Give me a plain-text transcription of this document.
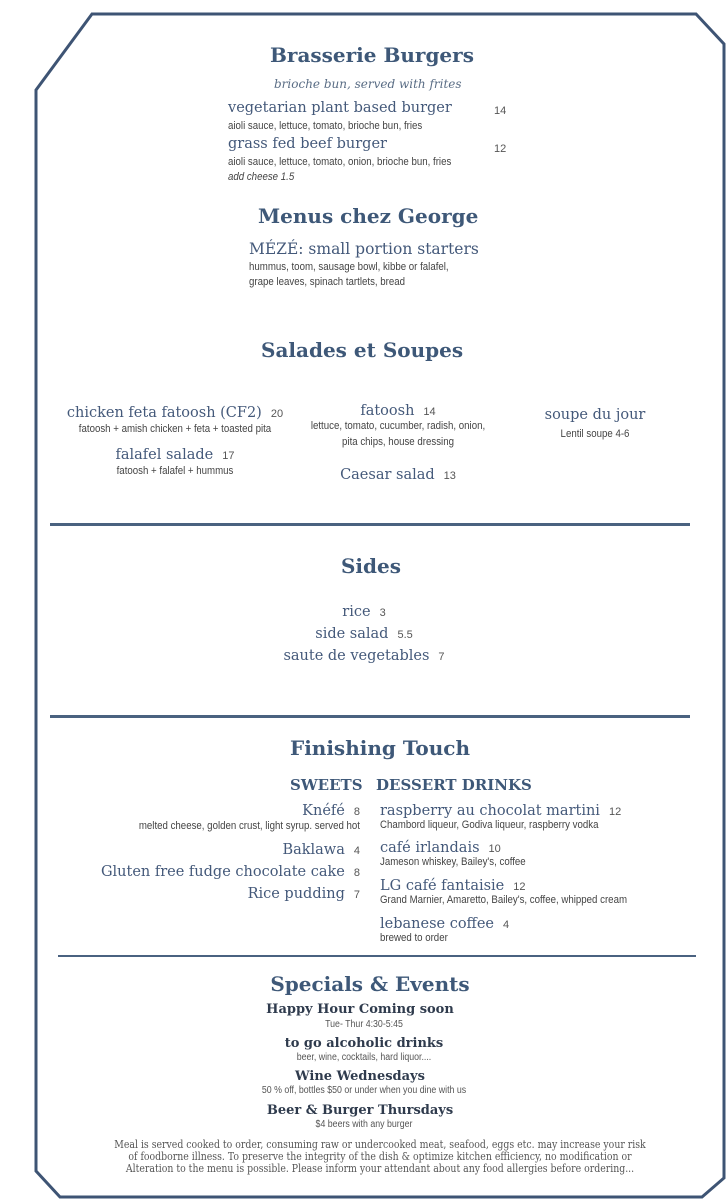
Brasserie Burgers
brioche bun, served with frites
vegetarian plant based burger	14
aioli sauce, lettuce, tomato, brioche bun, fries
grass fed beef burger	12
aioli sauce, lettuce, tomato, onion, brioche bun, fries
add cheese 1.5
Menus chez George
MÉZÉ: small portion starters
hummus, toom, sausage bowl, kibbe or falafel,
grape leaves, spinach tartlets, bread
Salades et Soupes
chicken feta fatoosh (CF2) 20
fatoosh + amish chicken + feta + toasted pita
falafel salade 17
fatoosh + falafel + hummus
fatoosh 14
lettuce, tomato, cucumber, radish, onion,
pita chips, house dressing
Caesar salad 13
soupe du jour
Lentil soupe 4-6
Sides
rice 3
side salad 5.5
saute de vegetables 7
Finishing Touch
SWEETS DESSERT DRINKS
Knéfé 8
melted cheese, golden crust, light syrup. served hot
Baklawa 4
Gluten free fudge chocolate cake 8
Rice pudding 7
raspberry au chocolat martini 12
Chambord liqueur, Godiva liqueur, raspberry vodka
café irlandais 10
Jameson whiskey, Bailey's, coffee
LG café fantaisie 12
Grand Marnier, Amaretto, Bailey's, coffee, whipped cream
lebanese coffee 4
brewed to order
Specials & Events
Happy Hour Coming soon
Tue- Thur 4:30-5:45
to go alcoholic drinks
beer, wine, cocktails, hard liquor....
Wine Wednesdays
50 % off, bottles $50 or under when you dine with us
Beer & Burger Thursdays
$4 beers with any burger
Meal is served cooked to order, consuming raw or undercooked meat, seafood, eggs etc. may increase your risk
of foodborne illness. To preserve the integrity of the dish & optimize kitchen efficiency, no modification or
Alteration to the menu is possible. Please inform your attendant about any food allergies before ordering...
